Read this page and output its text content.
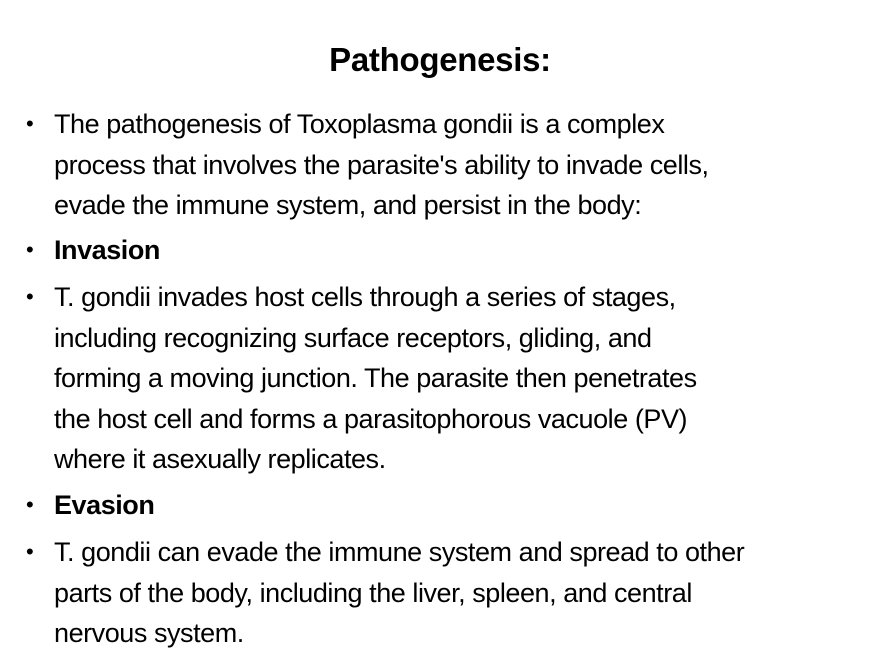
Pathogenesis:
• The pathogenesis of Toxoplasma gondii is a complex
process that involves the parasite's ability to invade cells,
evade the immune system, and persist in the body:
• Invasion
• T. gondii invades host cells through a series of stages,
including recognizing surface receptors, gliding, and
forming a moving junction. The parasite then penetrates
the host cell and forms a parasitophorous vacuole (PV)
where it asexually replicates.
• Evasion
• T. gondii can evade the immune system and spread to other
parts of the body, including the liver, spleen, and central
nervous system.
